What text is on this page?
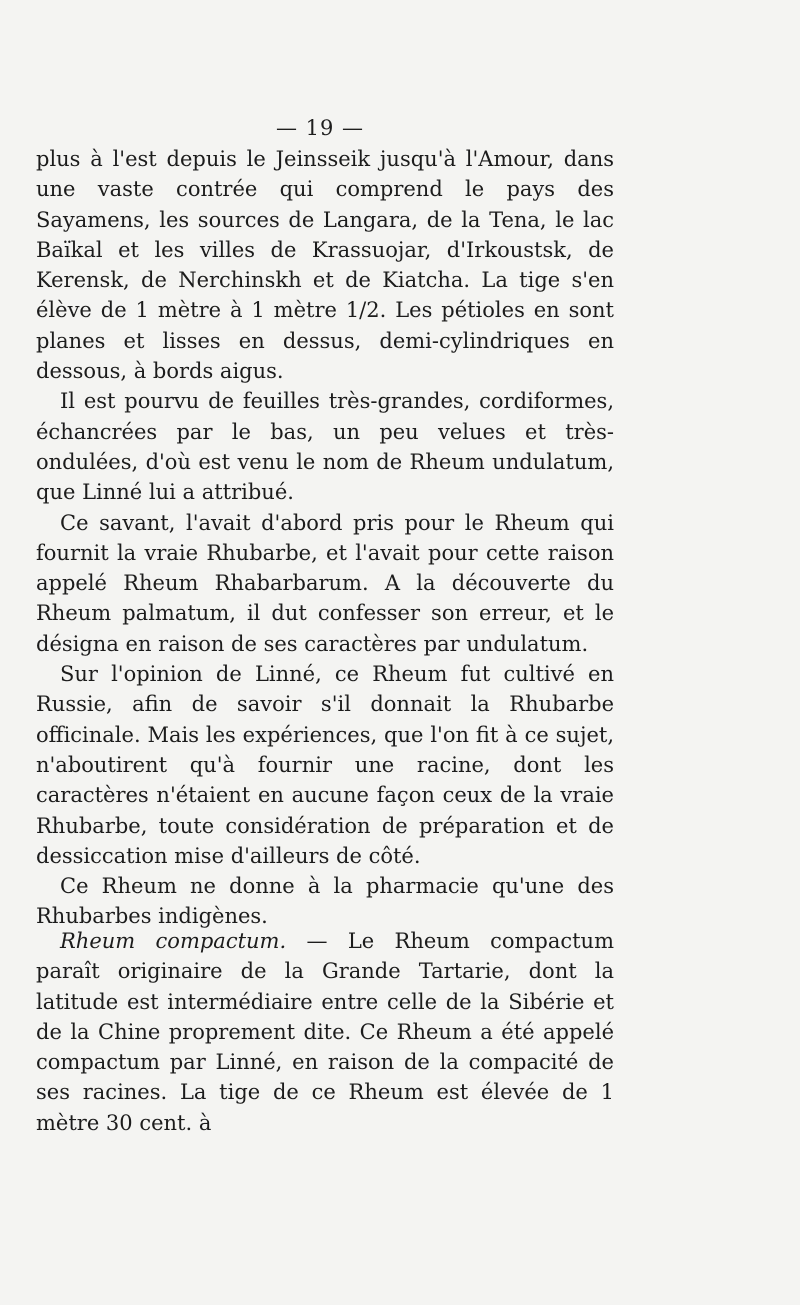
— 19 —

plus à l'est depuis le Jeinsseik jusqu'à l'Amour, dans une vaste contrée qui comprend le pays des Sayamens, les sources de Langara, de la Tena, le lac Baïkal et les villes de Krassuojar, d'Irkoustsk, de Kerensk, de Nerchinskh et de Kiatcha. La tige s'en élève de 1 mètre à 1 mètre 1/2. Les pétioles en sont planes et lisses en dessus, demi-cylindriques en dessous, à bords aigus.

Il est pourvu de feuilles très-grandes, cordiformes, échancrées par le bas, un peu velues et très-ondulées, d'où est venu le nom de Rheum undulatum, que Linné lui a attribué.

Ce savant, l'avait d'abord pris pour le Rheum qui fournit la vraie Rhubarbe, et l'avait pour cette raison appelé Rheum Rhabarbarum. A la découverte du Rheum palmatum, il dut confesser son erreur, et le désigna en raison de ses caractères par undulatum.

Sur l'opinion de Linné, ce Rheum fut cultivé en Russie, afin de savoir s'il donnait la Rhubarbe officinale. Mais les expériences, que l'on fit à ce sujet, n'aboutirent qu'à fournir une racine, dont les caractères n'étaient en aucune façon ceux de la vraie Rhubarbe, toute considération de préparation et de dessiccation mise d'ailleurs de côté.

Ce Rheum ne donne à la pharmacie qu'une des Rhubarbes indigènes.

Rheum compactum. — Le Rheum compactum paraît originaire de la Grande Tartarie, dont la latitude est intermédiaire entre celle de la Sibérie et de la Chine proprement dite. Ce Rheum a été appelé compactum par Linné, en raison de la compacité de ses racines. La tige de ce Rheum est élevée de 1 mètre 30 cent. à
